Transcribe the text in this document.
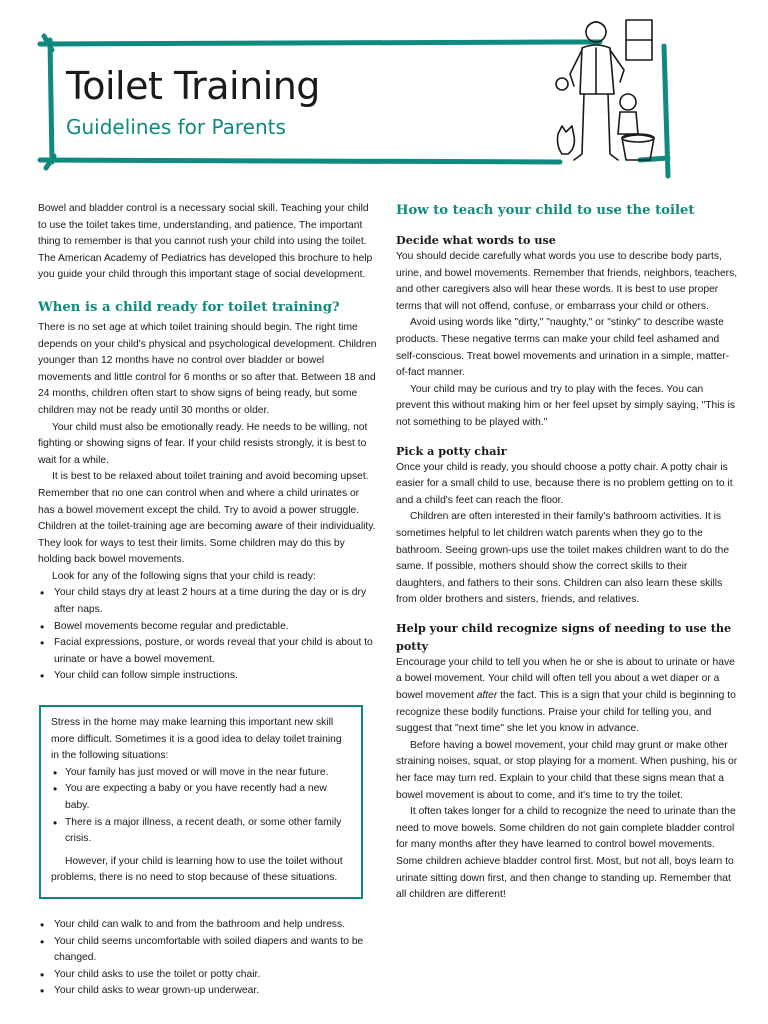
Toilet Training
Guidelines for Parents

Bowel and bladder control is a necessary social skill. Teaching your child to use the toilet takes time, understanding, and patience. The important thing to remember is that you cannot rush your child into using the toilet. The American Academy of Pediatrics has developed this brochure to help you guide your child through this important stage of social development.

When is a child ready for toilet training?

There is no set age at which toilet training should begin. The right time depends on your child's physical and psychological development. Children younger than 12 months have no control over bladder or bowel movements and little control for 6 months or so after that. Between 18 and 24 months, children often start to show signs of being ready, but some children may not be ready until 30 months or older.

Your child must also be emotionally ready. He needs to be willing, not fighting or showing signs of fear. If your child resists strongly, it is best to wait for a while.

It is best to be relaxed about toilet training and avoid becoming upset. Remember that no one can control when and where a child urinates or has a bowel movement except the child. Try to avoid a power struggle. Children at the toilet-training age are becoming aware of their individuality. They look for ways to test their limits. Some children may do this by holding back bowel movements.

Look for any of the following signs that your child is ready:

• Your child stays dry at least 2 hours at a time during the day or is dry after naps.
• Bowel movements become regular and predictable.
• Facial expressions, posture, or words reveal that your child is about to urinate or have a bowel movement.
• Your child can follow simple instructions.

Stress in the home may make learning this important new skill more difficult. Sometimes it is a good idea to delay toilet training in the following situations:

• Your family has just moved or will move in the near future.
• You are expecting a baby or you have recently had a new baby.
• There is a major illness, a recent death, or some other family crisis.

However, if your child is learning how to use the toilet without problems, there is no need to stop because of these situations.

• Your child can walk to and from the bathroom and help undress.
• Your child seems uncomfortable with soiled diapers and wants to be changed.
• Your child asks to use the toilet or potty chair.
• Your child asks to wear grown-up underwear.
How to teach your child to use the toilet
Decide what words to use

You should decide carefully what words you use to describe body parts, urine, and bowel movements. Remember that friends, neighbors, teachers, and other caregivers also will hear these words. It is best to use proper terms that will not offend, confuse, or embarrass your child or others.

Avoid using words like "dirty," "naughty," or "stinky" to describe waste products. These negative terms can make your child feel ashamed and self-conscious. Treat bowel movements and urination in a simple, matter-of-fact manner.

Your child may be curious and try to play with the feces. You can prevent this without making him or her feel upset by simply saying, "This is not something to be played with."

Pick a potty chair

Once your child is ready, you should choose a potty chair. A potty chair is easier for a small child to use, because there is no problem getting on to it and a child's feet can reach the floor.

Children are often interested in their family's bathroom activities. It is sometimes helpful to let children watch parents when they go to the bathroom. Seeing grown-ups use the toilet makes children want to do the same. If possible, mothers should show the correct skills to their daughters, and fathers to their sons. Children can also learn these skills from older brothers and sisters, friends, and relatives.

Help your child recognize signs of needing to use the potty

Encourage your child to tell you when he or she is about to urinate or have a bowel movement. Your child will often tell you about a wet diaper or a bowel movement after the fact. This is a sign that your child is beginning to recognize these bodily functions. Praise your child for telling you, and suggest that "next time" she let you know in advance.

Before having a bowel movement, your child may grunt or make other straining noises, squat, or stop playing for a moment. When pushing, his or her face may turn red. Explain to your child that these signs mean that a bowel movement is about to come, and it's time to try the toilet.

It often takes longer for a child to recognize the need to urinate than the need to move bowels. Some children do not gain complete bladder control for many months after they have learned to control bowel movements. Some children achieve bladder control first. Most, but not all, boys learn to urinate sitting down first, and then change to standing up. Remember that all children are different!
